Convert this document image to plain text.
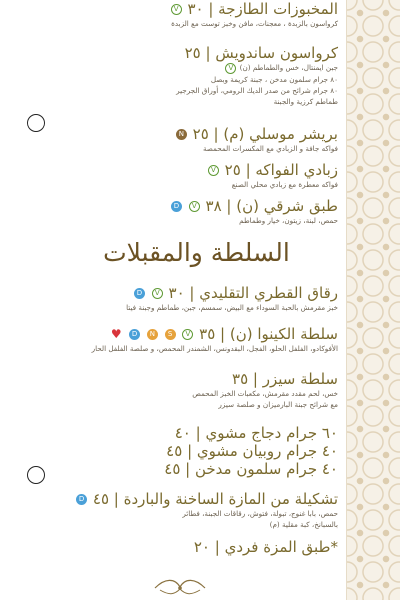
المخبوزات الطازجة | ٣٠ V
كرواسون بالزبدة ، معجنات، مافن وخبز توست مع الزبدة
كرواسون ساندويش | ٢٥
جبن ايمنتال، خس والطماطم (ن) V
٨٠ جرام سلمون مدخن ، جبنة كريمة وبصل
٨٠ جرام شرائح من صدر الديك الرومي، أوراق الجرجير
طماطم كرزية والجبنة
بريشر موسلي (م) | ٢٥ N
فواكه جافة و الزبادي مع المكسرات المحمصة
زبادي الفواكه | ٢٥ V
فواكه معطرة مع زبادي محلي الصنع
طبق شرقي (ن) | ٣٨ V D
حمص، لبنة، زيتون، خيار وطماطم
السلطة والمقبلات
رقاق القطري التقليدي | ٣٠ V D
خبز مقرمش بالحبة السوداء مع البيض، سمسم، جبن، طماطم وجبنة فيتا
سلطة الكينوا (ن) | ٣٥ V S N D ♥
الأفوكادو، الفلفل الحلو، الفجل، البقدونس، الشمندر المحمص، و صلصة الفلفل الحار
سلطة سيزر | ٣٥
خس، لحم مقدد مقرمش، مكعبات الخبز المحمص
مع شرائح جبنة البارميزان و صلصة سيزر
٦٠ جرام دجاج مشوي | ٤٠
٤٠ جرام روبيان مشوي | ٤٥
٤٠ جرام سلمون مدخن | ٤٥
تشكيلة من المازة الساخنة والباردة | ٤٥ D
حمص، بابا غنوج، تبولة، فتوش، رقاقات الجبنة، فطائر
بالسبانخ، كبة مقلية (م)
*طبق المزة فردي | ٢٠
